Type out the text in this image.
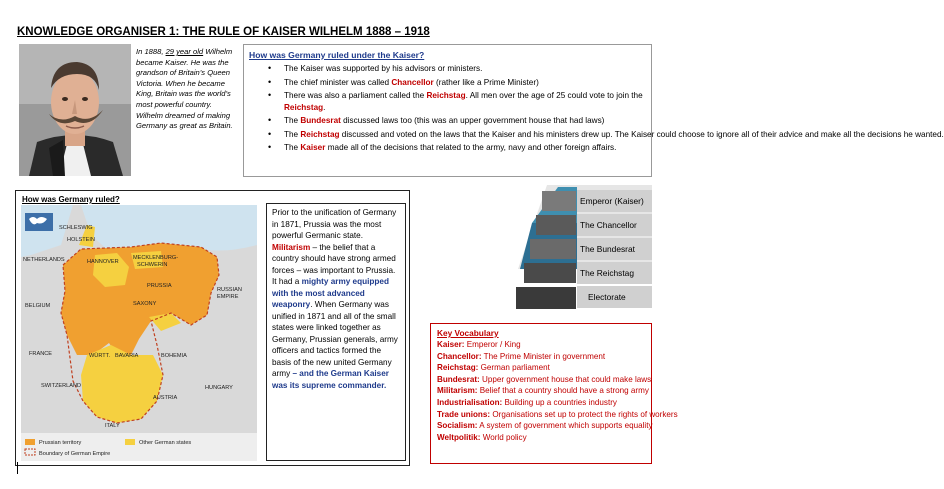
KNOWLEDGE ORGANISER 1: THE RULE OF KAISER WILHELM 1888 – 1918
In 1888, 29 year old Wilhelm became Kaiser. He was the grandson of Britain’s Queen Victoria. When he became King, Britain was the world’s most powerful country. Wilhelm dreamed of making Germany as great as Britain.
How was Germany ruled under the Kaiser?
• The Kaiser was supported by his advisors or ministers.
• The chief minister was called Chancellor (rather like a Prime Minister)
• There was also a parliament called the Reichstag. All men over the age of 25 could vote to join the
Reichstag.
• The Bundesrat discussed laws too (this was an upper government house that had laws)
• The Reichstag discussed and voted on the laws that the Kaiser and his ministers drew up. The Kaiser could choose to ignore all of their advice and make all the decisions he wanted.
• The Kaiser made all of the decisions that related to the army, navy and other foreign affairs.
How was Germany ruled?
SCHLESWIG
HOLSTEIN
NETHERLANDS	HANNOVER
MECKLENBURG-
SCHWERIN
PRUSSIA
SAXONY
RUSSIAN
EMPIRE
BELGIUM
FRANCE	WÜRTT. BAVARIA	BOHEMIA
SWITZERLAND
AUSTRIA
HUNGARY
ITALY
Prussian territory	Other German states
Boundary of German Empire
Prior to the unification of Germany in 1871, Prussia was the most powerful Germanic state. Militarism – the belief that a country should have strong armed forces – was important to Prussia. It had a mighty army equipped with the most advanced weaponry. When Germany was unified in 1871 and all of the small states were linked together as Germany, Prussian generals, army officers and tactics formed the basis of the new united Germany army – and the German Kaiser was its supreme commander.
Emperor (Kaiser)
The Chancellor
The Bundesrat
The Reichstag
Electorate
Key Vocabulary
Kaiser: Emperor / King
Chancellor: The Prime Minister in government
Reichstag: German parliament
Bundesrat: Upper government house that could make laws
Militarism: Belief that a country should have a strong army
Industrialisation: Building up a countries industry
Trade unions: Organisations set up to protect the rights of workers
Socialism: A system of government which supports equality
Weltpolitik: World policy
